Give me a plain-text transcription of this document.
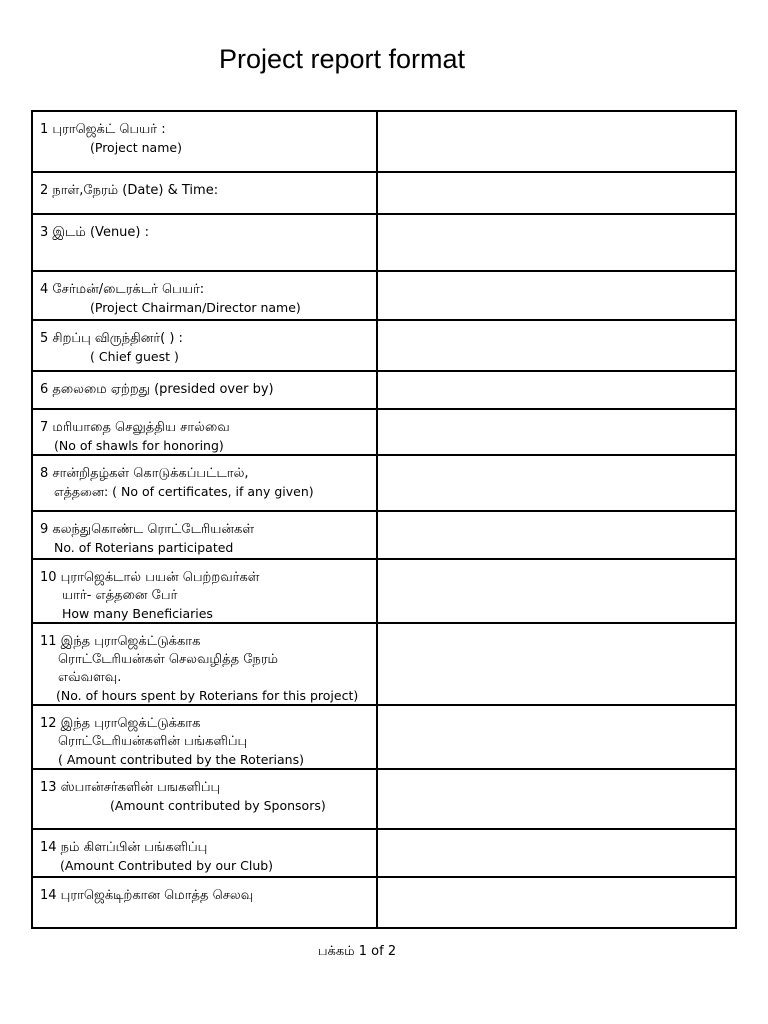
Project report format
1 புராஜெக்ட் பெயர் :
(Project name)	

2 நாள்,நேரம் (Date) & Time:	

3 இடம் (Venue) :	

4 சேர்மன்/டைரக்டர் பெயர்:
(Project Chairman/Director name)	

5 சிறப்பு விருந்தினர்( ) :
( Chief guest )	

6 தலைமை ஏற்றது (presided over by)	

7 மரியாதை செலுத்திய சால்வை
(No of shawls for honoring)	

8 சான்றிதழ்கள் கொடுக்கப்பட்டால்,
எத்தனை: ( No of certificates, if any given)	

9 கலந்துகொண்ட ரொட்டேரியன்கள்
No. of Roterians participated	

10 புராஜெக்டால் பயன் பெற்றவர்கள்
யார்- எத்தனை பேர்
How many Beneficiaries	

11 இந்த புராஜெக்ட்டுக்காக
ரொட்டேரியன்கள் செலவழித்த நேரம்
எவ்வளவு.
(No. of hours spent by Roterians for this project)	

12 இந்த புராஜெக்ட்டுக்காக
ரொட்டேரியன்களின் பங்களிப்பு
( Amount contributed by the Roterians)	

13 ஸ்பான்சர்களின் பஙகளிப்பு
(Amount contributed by Sponsors)	

14 நம் கிளப்பின் பங்களிப்பு
(Amount Contributed by our Club)	

14 புராஜெக்டிற்கான மொத்த செலவு	

பக்கம் 1 of 2
